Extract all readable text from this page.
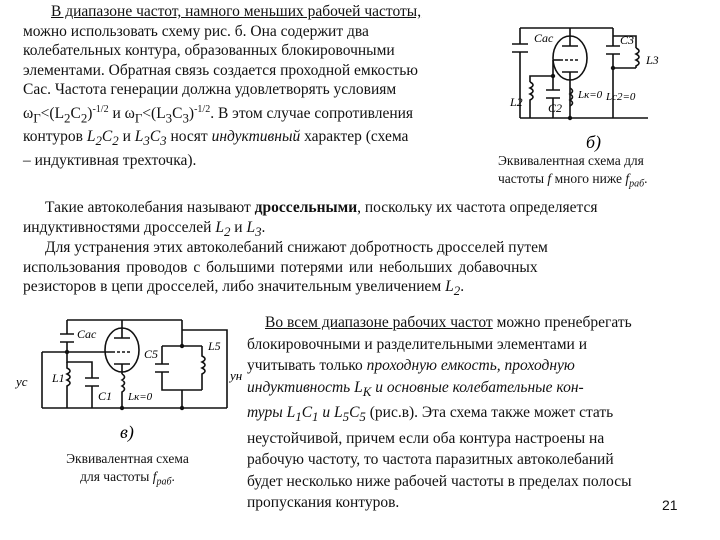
В диапазоне частот, намного меньших рабочей частоты,
можно использовать схему рис. б. Она содержит два
колебательных контура, образованных блокировочными
элементами. Обратная связь создается проходной емкостью
Сас. Частота генерации должна удовлетворять условиям
$\omega_Г<(L_2C_2)^{-1/2}$ и $\omega_Г<(L_3C_3)^{-1/2}$. В этом случае сопротивления
контуров $L_2C_2$ и $L_3C_3$ носят индуктивный характер (схема
– индуктивная трехточка).
Cас	C3
L3
L2 C2
Lк=0 Lc2=0
б)
Эквивалентная схема для
частоты f много ниже $f_{раб}$.
Такие автоколебания называют дроссельными, поскольку их частота определяется
индуктивностями дросселей $L_2$ и $L_3$.
Для устранения этих автоколебаний снижают добротность дросселей путем
использования проводов с большими потерями или небольших добавочных
резисторов в цепи дросселей, либо значительным увеличением $L_2$.
Cас
C1
L1
C5
L5
Lк=0
yс	yн
в)
Эквивалентная схема
для частоты $f_{раб}$.
Во всем диапазоне рабочих частот можно пренебрегать
блокировочными и разделительными элементами и
учитывать только проходную емкость, проходную
индуктивность $L_K$ и основные колебательные кон-
туры $L_1C_1$ и $L_5C_5$ (рис.в). Эта схема также может стать
неустойчивой, причем если оба контура настроены на
рабочую частоту, то частота паразитных автоколебаний
будет несколько ниже рабочей частоты в пределах полосы
пропускания контуров.	21
